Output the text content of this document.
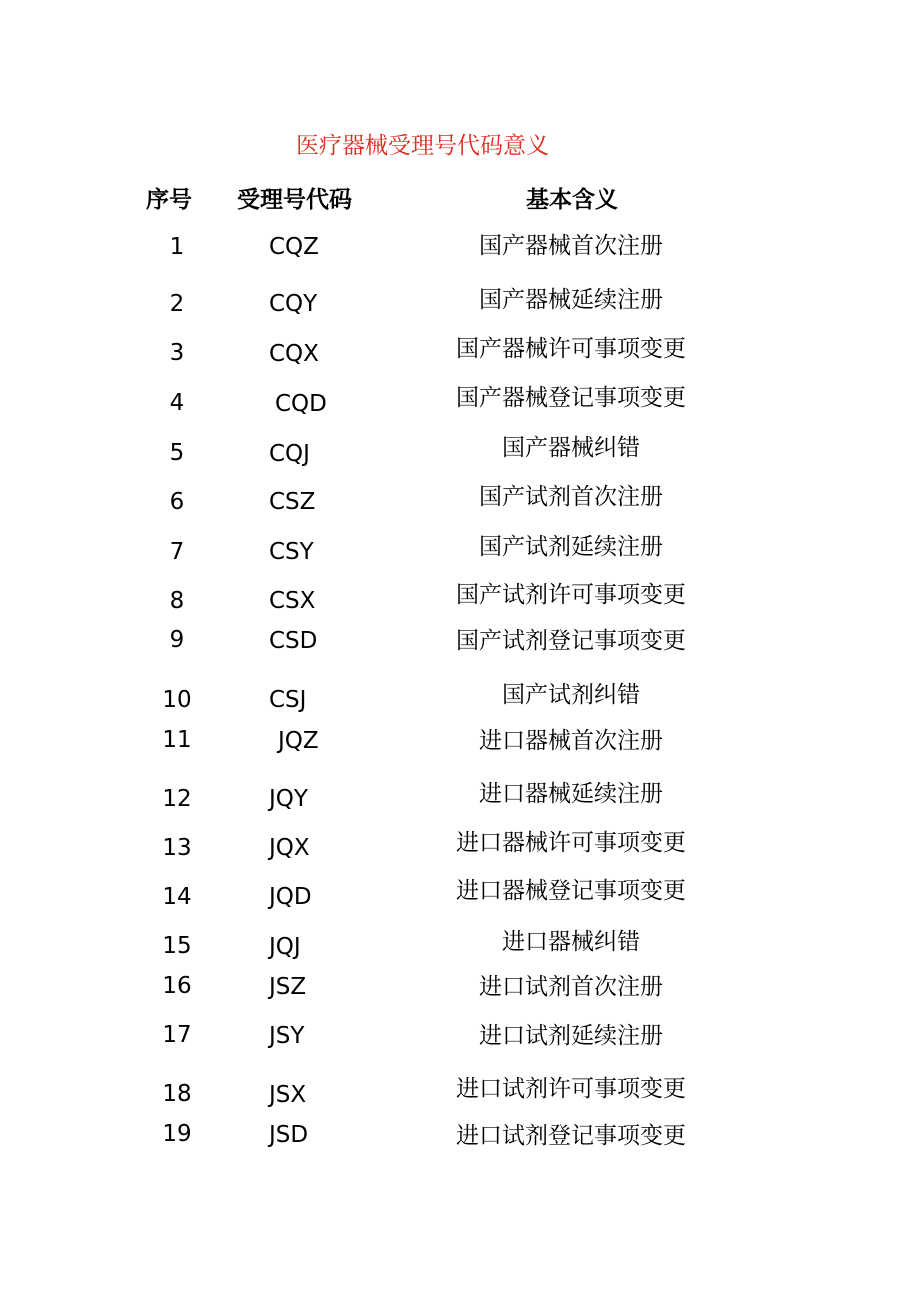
医疗器械受理号代码意义
序号 受理号代码	基本含义
1	CQZ	国产器械首次注册
2	CQY	国产器械延续注册
3	CQX	国产器械许可事项变更
4	CQD	国产器械登记事项变更
5	CQJ	国产器械纠错
6	CSZ	国产试剂首次注册
7	CSY	国产试剂延续注册
8	CSX	国产试剂许可事项变更
9	CSD	国产试剂登记事项变更
10	CSJ	国产试剂纠错
11	JQZ	进口器械首次注册
12	JQY	进口器械延续注册
13	JQX	进口器械许可事项变更
14	JQD	进口器械登记事项变更
15	JQJ	进口器械纠错
16	JSZ	进口试剂首次注册
17	JSY	进口试剂延续注册
18	JSX	进口试剂许可事项变更
19	JSD	进口试剂登记事项变更
